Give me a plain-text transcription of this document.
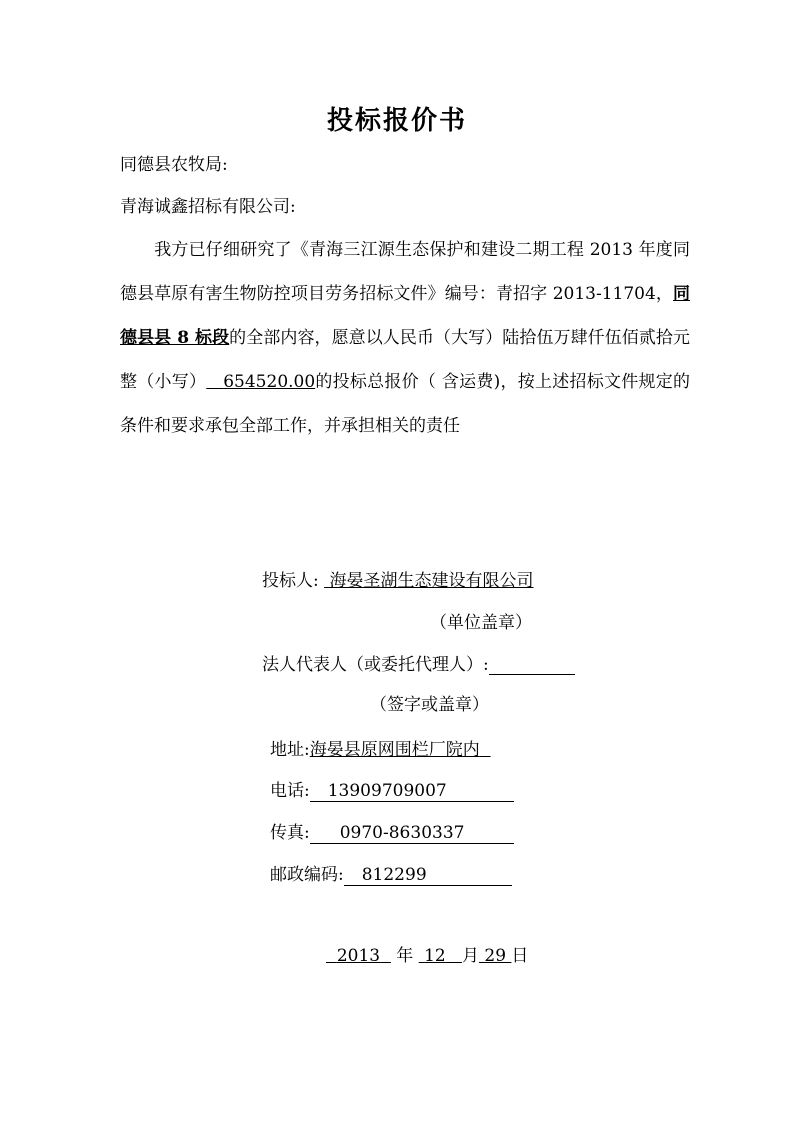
投标报价书
同德县农牧局:
青海诚鑫招标有限公司:
我方已仔细研究了《青海三江源生态保护和建设二期工程 2013 年度同德县草原有害生物防控项目劳务招标文件》编号：青招字 2013-11704，同德县县 8 标段的全部内容，愿意以人民币（大写）陆拾伍万肆仟伍佰贰拾元整（小写） 654520.00的投标总报价（ 含运费)，按上述招标文件规定的条件和要求承包全部工作，并承担相关的责任
投标人: 海晏圣湖生态建设有限公司
（单位盖章）
法人代表人（或委托代理人）:
（签字或盖章）
地址:海晏县原网围栏厂院内
电话: 13909709007
传真: 0970-8630337
邮政编码: 812299
2013 年 12 月 29 日
